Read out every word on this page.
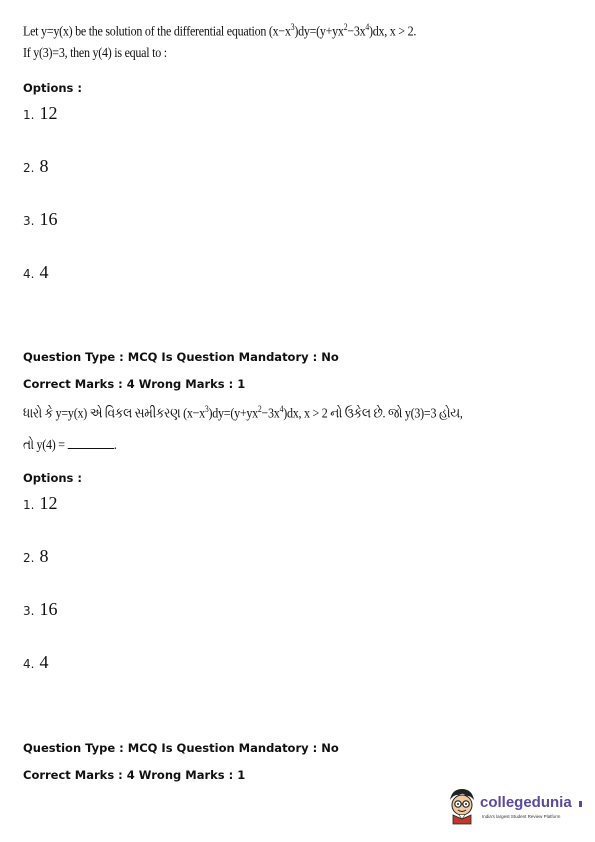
Let y=y(x) be the solution of the differential equation $(x-x^3)dy=(y+yx^2-3x^4)dx$, x > 2.
If y(3)=3, then y(4) is equal to :
Options :
1. 12
2. 8
3. 16
4. 4
Question Type : MCQ Is Question Mandatory : No
Correct Marks : 4 Wrong Marks : 1
ધારો કે y=y(x) એ વિકલ સમીકરણ $(x-x^3)dy=(y+yx^2-3x^4)dx$, x > 2 નો ઉકેલ છે. જો y(3)=3 હોય,
તો y(4) =	.
Options :
1. 12
2. 8
3. 16
4. 4
Question Type : MCQ Is Question Mandatory : No
Correct Marks : 4 Wrong Marks : 1
collegedunia
India's largest Student Review Platform
